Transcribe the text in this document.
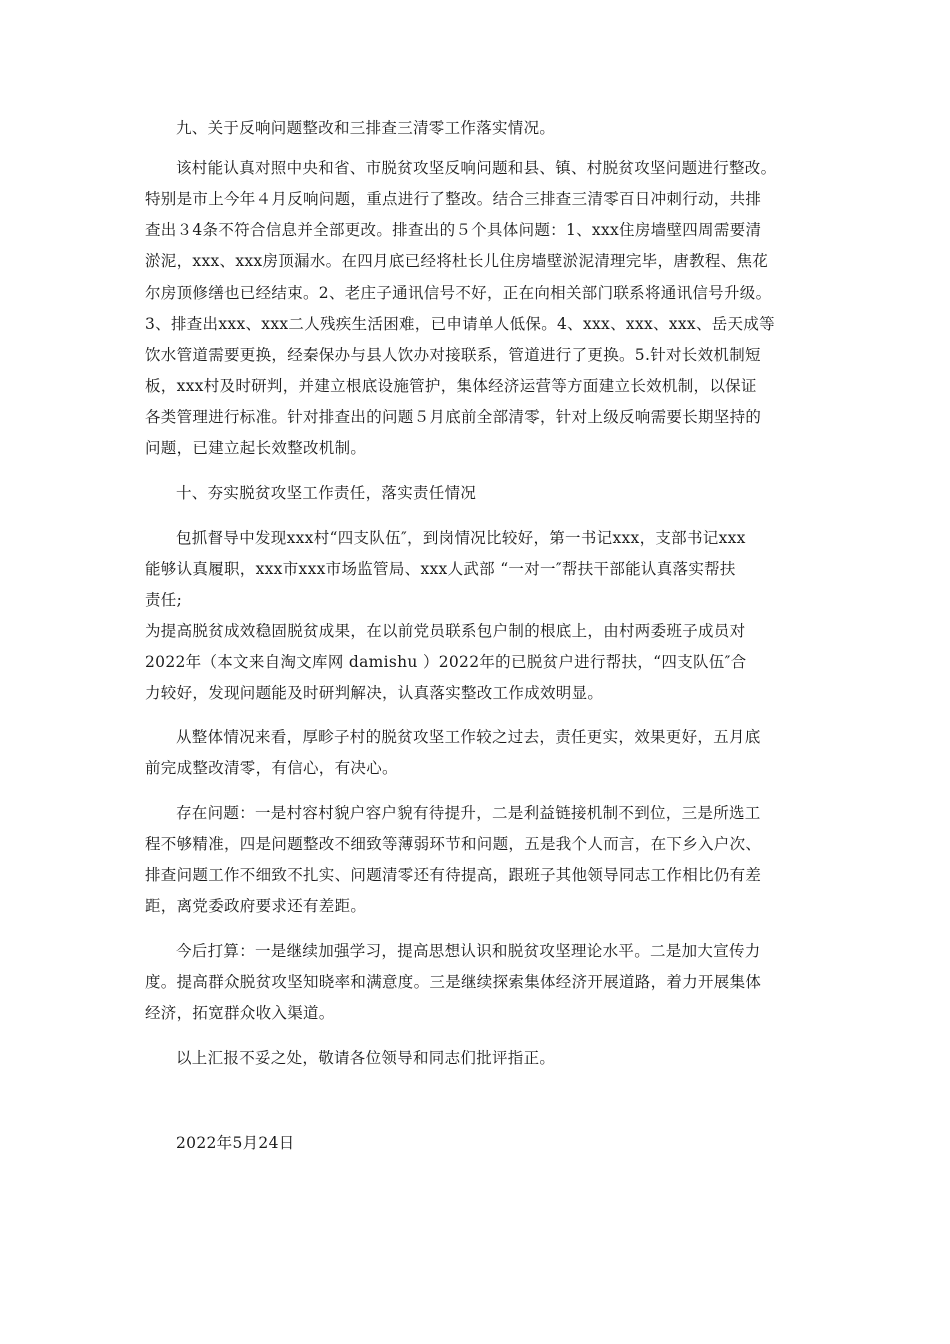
九、关于反响问题整改和三排查三清零工作落实情况。
该村能认真对照中央和省、市脱贫攻坚反响问题和县、镇、村脱贫攻坚问题进行整改。
特别是市上今年４月反响问题，重点进行了整改。结合三排查三清零百日冲刺行动，共排
查出３4条不符合信息并全部更改。排查出的５个具体问题：1、xxx住房墙壁四周需要清
淤泥，xxx、xxx房顶漏水。在四月底已经将杜长儿住房墙壁淤泥清理完毕，唐教程、焦花
尔房顶修缮也已经结束。2、老庄子通讯信号不好，正在向相关部门联系将通讯信号升级。
3、排查出xxx、xxx二人残疾生活困难，已申请单人低保。4、xxx、xxx、xxx、岳天成等
饮水管道需要更换，经秦保办与县人饮办对接联系，管道进行了更换。5.针对长效机制短
板，xxx村及时研判，并建立根底设施管护，集体经济运营等方面建立长效机制，以保证
各类管理进行标准。针对排查出的问题５月底前全部清零，针对上级反响需要长期坚持的
问题，已建立起长效整改机制。
十、夯实脱贫攻坚工作责任，落实责任情况
包抓督导中发现xxx村“四支队伍″，到岗情况比较好，第一书记xxx，支部书记xxx
能够认真履职，xxx市xxx市场监管局、xxx人武部 “一对一″帮扶干部能认真落实帮扶
责任;
为提高脱贫成效稳固脱贫成果，在以前党员联系包户制的根底上，由村两委班子成员对
2022年（本文来自淘文库网 damishu ）2022年的已脱贫户进行帮扶，“四支队伍″合
力较好，发现问题能及时研判解决，认真落实整改工作成效明显。
从整体情况来看，厚畛子村的脱贫攻坚工作较之过去，责任更实，效果更好，五月底
前完成整改清零，有信心，有决心。
存在问题：一是村容村貌户容户貌有待提升，二是利益链接机制不到位，三是所选工
程不够精准，四是问题整改不细致等薄弱环节和问题，五是我个人而言，在下乡入户次、
排查问题工作不细致不扎实、问题清零还有待提高，跟班子其他领导同志工作相比仍有差
距，离党委政府要求还有差距。
今后打算：一是继续加强学习，提高思想认识和脱贫攻坚理论水平。二是加大宣传力
度。提高群众脱贫攻坚知晓率和满意度。三是继续探索集体经济开展道路，着力开展集体
经济，拓宽群众收入渠道。
以上汇报不妥之处，敬请各位领导和同志们批评指正。
2022年5月24日
